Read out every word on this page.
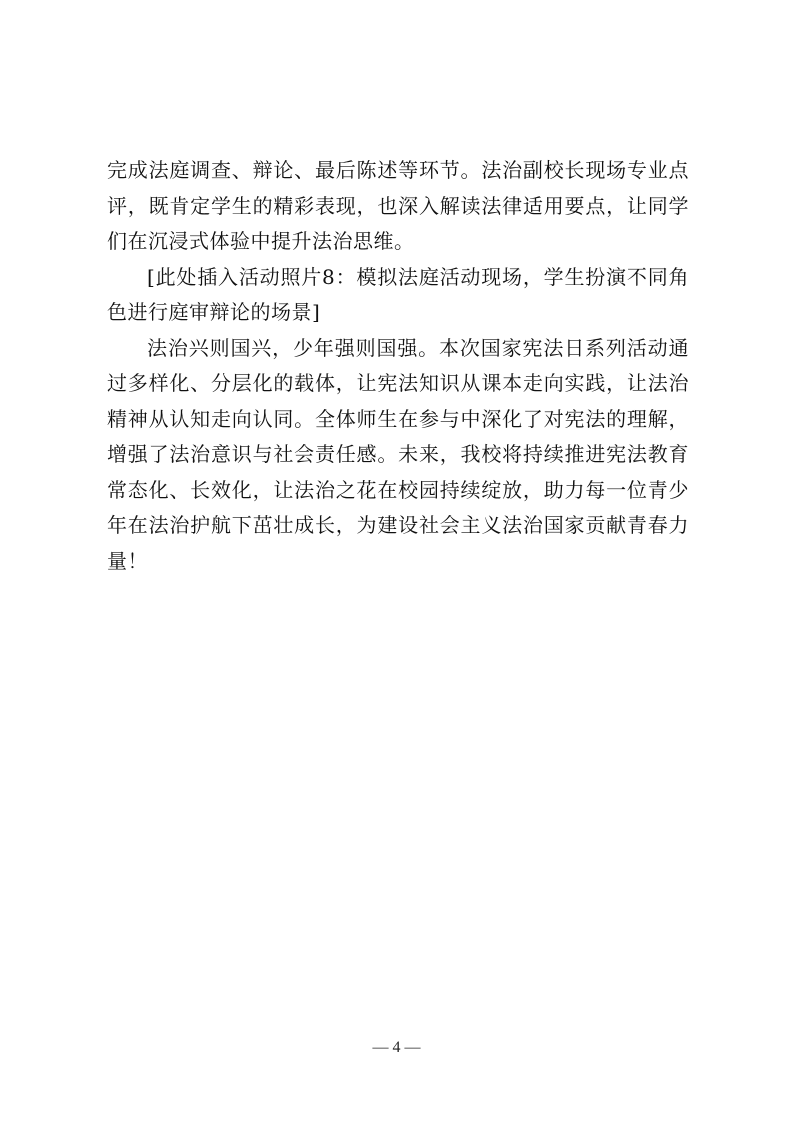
完成法庭调查、辩论、最后陈述等环节。法治副校长现场专业点评，既肯定学生的精彩表现，也深入解读法律适用要点，让同学们在沉浸式体验中提升法治思维。

[此处插入活动照片8：模拟法庭活动现场，学生扮演不同角色进行庭审辩论的场景]

法治兴则国兴，少年强则国强。本次国家宪法日系列活动通过多样化、分层化的载体，让宪法知识从课本走向实践，让法治精神从认知走向认同。全体师生在参与中深化了对宪法的理解，增强了法治意识与社会责任感。未来，我校将持续推进宪法教育常态化、长效化，让法治之花在校园持续绽放，助力每一位青少年在法治护航下茁壮成长，为建设社会主义法治国家贡献青春力量！

— 4 —
